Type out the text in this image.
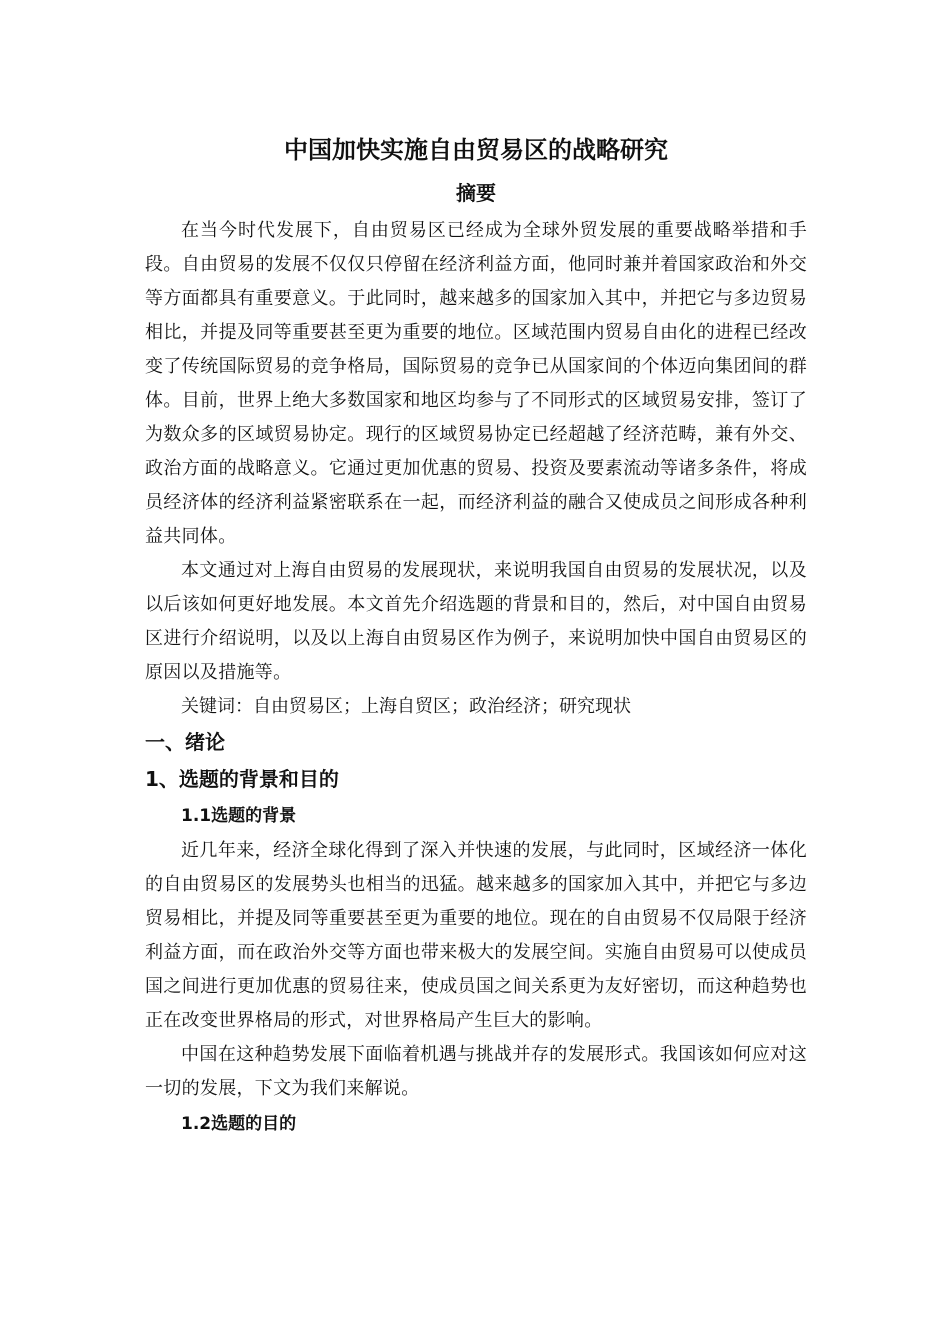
中国加快实施自由贸易区的战略研究
摘要

在当今时代发展下，自由贸易区已经成为全球外贸发展的重要战略举措和手段。自由贸易的发展不仅仅只停留在经济利益方面，他同时兼并着国家政治和外交等方面都具有重要意义。于此同时，越来越多的国家加入其中，并把它与多边贸易相比，并提及同等重要甚至更为重要的地位。区域范围内贸易自由化的进程已经改变了传统国际贸易的竞争格局，国际贸易的竞争已从国家间的个体迈向集团间的群体。目前，世界上绝大多数国家和地区均参与了不同形式的区域贸易安排，签订了为数众多的区域贸易协定。现行的区域贸易协定已经超越了经济范畴，兼有外交、政治方面的战略意义。它通过更加优惠的贸易、投资及要素流动等诸多条件，将成员经济体的经济利益紧密联系在一起，而经济利益的融合又使成员之间形成各种利益共同体。

本文通过对上海自由贸易的发展现状，来说明我国自由贸易的发展状况，以及以后该如何更好地发展。本文首先介绍选题的背景和目的，然后，对中国自由贸易区进行介绍说明，以及以上海自由贸易区作为例子，来说明加快中国自由贸易区的原因以及措施等。

关键词：自由贸易区；上海自贸区；政治经济；研究现状

一、绪论
1、选题的背景和目的
1.1选题的背景

近几年来，经济全球化得到了深入并快速的发展，与此同时，区域经济一体化的自由贸易区的发展势头也相当的迅猛。越来越多的国家加入其中，并把它与多边贸易相比，并提及同等重要甚至更为重要的地位。现在的自由贸易不仅局限于经济利益方面，而在政治外交等方面也带来极大的发展空间。实施自由贸易可以使成员国之间进行更加优惠的贸易往来，使成员国之间关系更为友好密切，而这种趋势也正在改变世界格局的形式，对世界格局产生巨大的影响。

中国在这种趋势发展下面临着机遇与挑战并存的发展形式。我国该如何应对这一切的发展，下文为我们来解说。

1.2选题的目的
